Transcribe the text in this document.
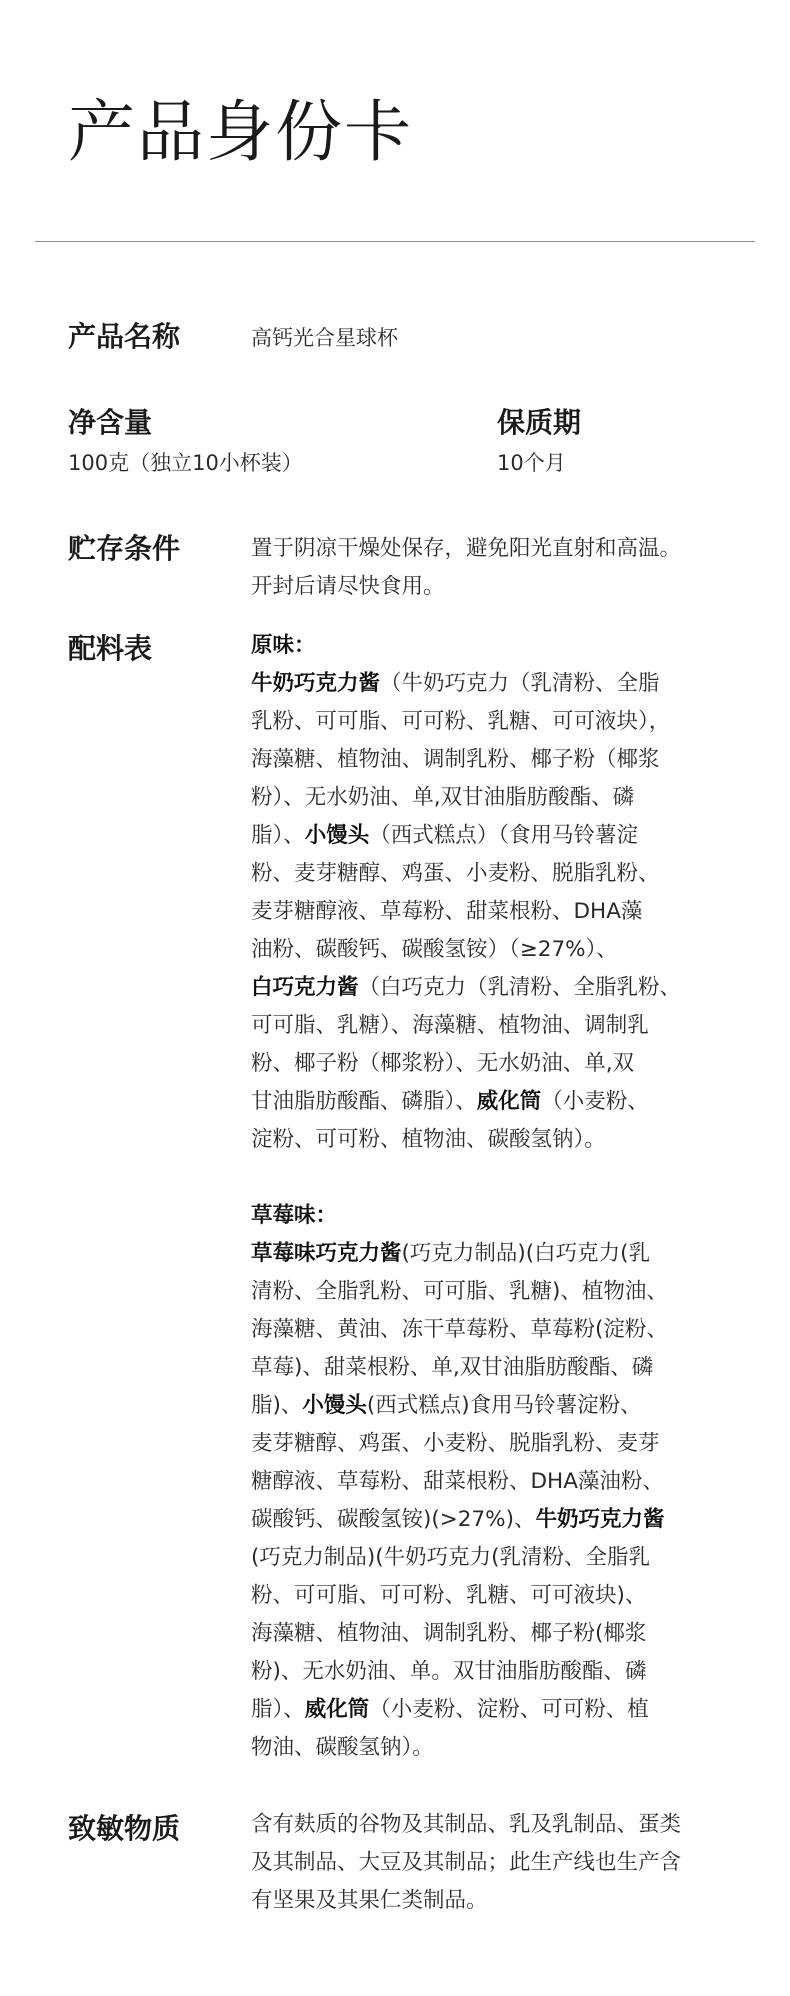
产品身份卡
产品名称	高钙光合星球杯
净含量
100克（独立10小杯装）
保质期
10个月
贮存条件	置于阴凉干燥处保存，避免阳光直射和高温。
开封后请尽快食用。
配料表	原味：
牛奶巧克力酱（牛奶巧克力（乳清粉、全脂
乳粉、可可脂、可可粉、乳糖、可可液块），
海藻糖、植物油、调制乳粉、椰子粉（椰浆
粉）、无水奶油、单,双甘油脂肪酸酯、磷
脂）、小馒头（西式糕点）（食用马铃薯淀
粉、麦芽糖醇、鸡蛋、小麦粉、脱脂乳粉、
麦芽糖醇液、草莓粉、甜菜根粉、DHA藻
油粉、碳酸钙、碳酸氢铵）（≥27%）、
白巧克力酱（白巧克力（乳清粉、全脂乳粉、
可可脂、乳糖）、海藻糖、植物油、调制乳
粉、椰子粉（椰浆粉）、无水奶油、单,双
甘油脂肪酸酯、磷脂）、威化筒（小麦粉、
淀粉、可可粉、植物油、碳酸氢钠）。
草莓味：
草莓味巧克力酱(巧克力制品)(白巧克力(乳
清粉、全脂乳粉、可可脂、乳糖)、植物油、
海藻糖、黄油、冻干草莓粉、草莓粉(淀粉、
草莓)、甜菜根粉、单,双甘油脂肪酸酯、磷
脂)、小馒头(西式糕点)食用马铃薯淀粉、
麦芽糖醇、鸡蛋、小麦粉、脱脂乳粉、麦芽
糖醇液、草莓粉、甜菜根粉、DHA藻油粉、
碳酸钙、碳酸氢铵)(>27%)、牛奶巧克力酱
(巧克力制品)(牛奶巧克力(乳清粉、全脂乳
粉、可可脂、可可粉、乳糖、可可液块)、
海藻糖、植物油、调制乳粉、椰子粉(椰浆
粉)、无水奶油、单。双甘油脂肪酸酯、磷
脂）、威化筒（小麦粉、淀粉、可可粉、植
物油、碳酸氢钠）。
致敏物质	含有麸质的谷物及其制品、乳及乳制品、蛋类
及其制品、大豆及其制品；此生产线也生产含
有坚果及其果仁类制品。
